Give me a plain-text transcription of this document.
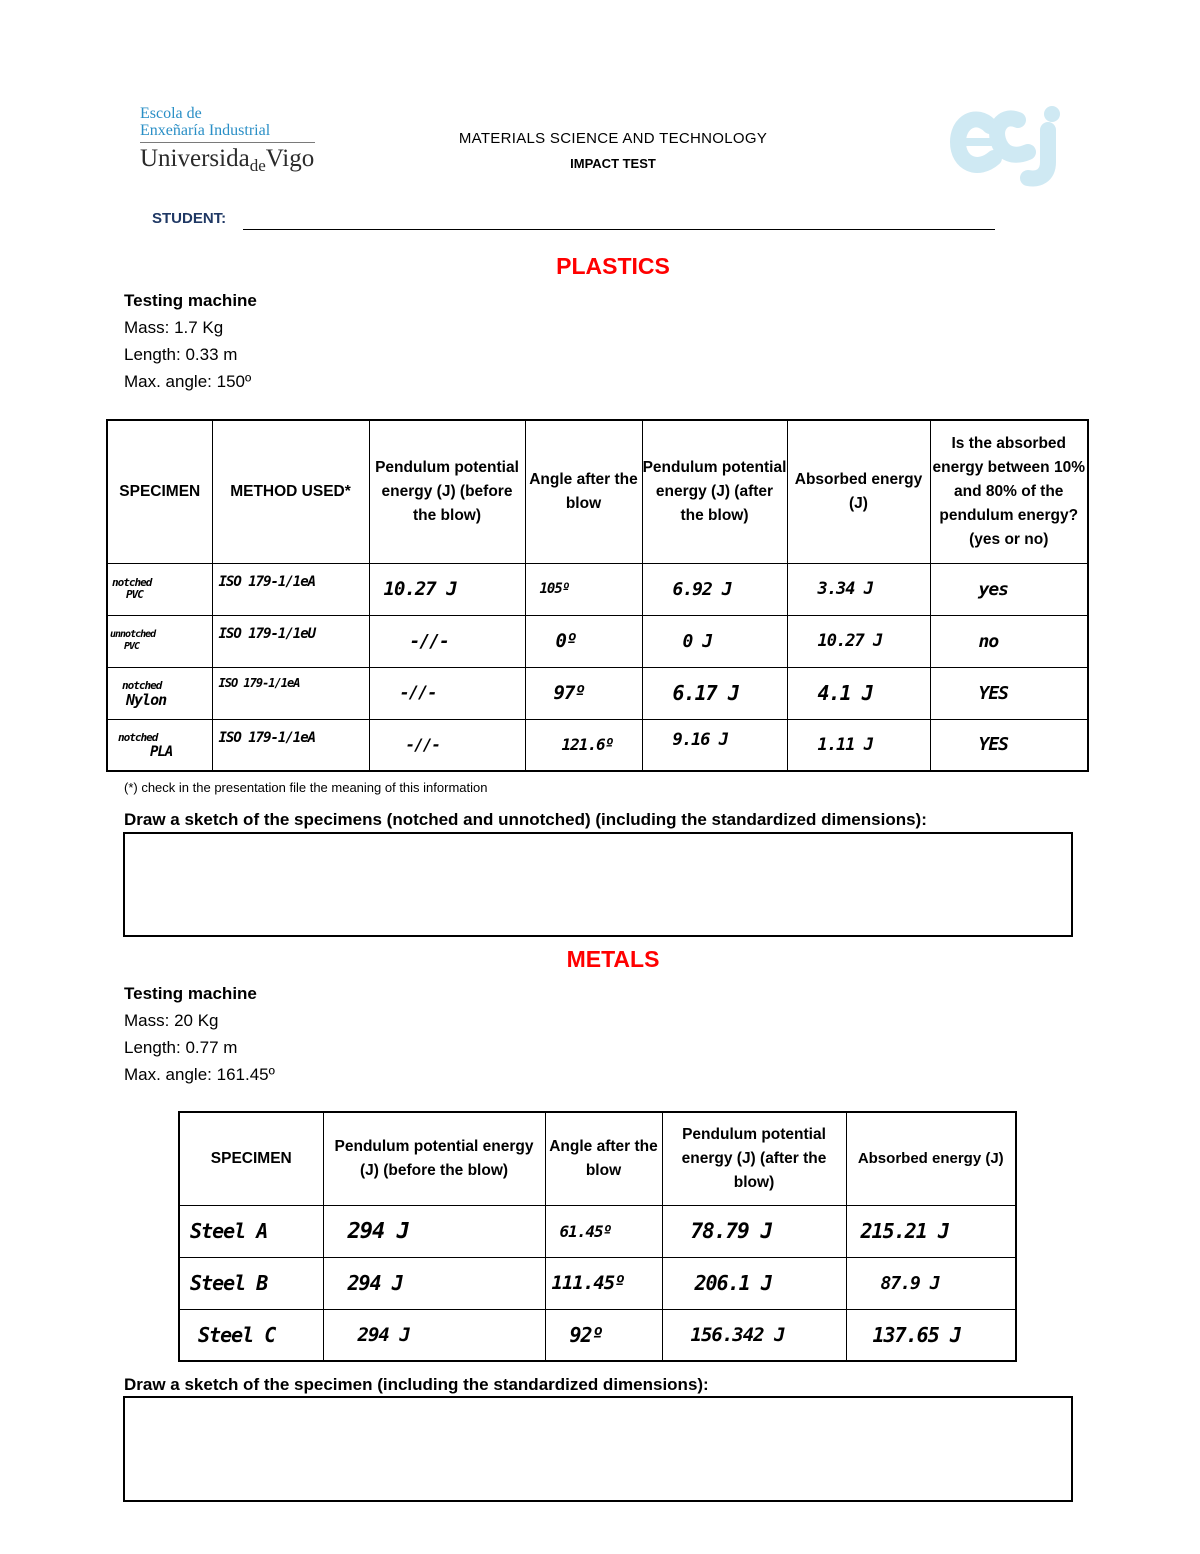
Escola de
Enxeñaría Industrial
Universida$_{de}$Vigo
MATERIALS SCIENCE AND TECHNOLOGY
IMPACT TEST
STUDENT:
PLASTICS
Testing machine
Mass: 1.7 Kg
Length: 0.33 m
Max. angle: 150º
SPECIMEN	METHOD USED*	Pendulum potential energy (J) (before the blow)	Angle after the blow	Pendulum potential energy (J) (after the blow)	Absorbed energy (J)	Is the absorbed energy between 10% and 80% of the pendulum energy? (yes or no)

notched
PVC	ISO 179-1/1eA	10.27 J	105º	6.92 J	3.34 J	yes

unnotched
PVC	ISO 179-1/1eU	-//-	0º	0 J	10.27 J	no

notched
Nylon	ISO 179-1/1eA	-//-	97º	6.17 J	4.1 J	YES

notched
PLA	ISO 179-1/1eA	-//-	121.6º	9.16 J	1.11 J	YES
(*) check in the presentation file the meaning of this information
Draw a sketch of the specimens (notched and unnotched) (including the standardized dimensions):
METALS
Testing machine
Mass: 20 Kg
Length: 0.77 m
Max. angle: 161.45º
SPECIMEN	Pendulum potential energy (J) (before the blow)	Angle after the blow	Pendulum potential energy (J) (after the blow)	Absorbed energy (J)

Steel A	294 J	61.45º	78.79 J	215.21 J

Steel B	294 J	111.45º	206.1 J	87.9 J

Steel C	294 J	92º	156.342 J	137.65 J
Draw a sketch of the specimen (including the standardized dimensions):
